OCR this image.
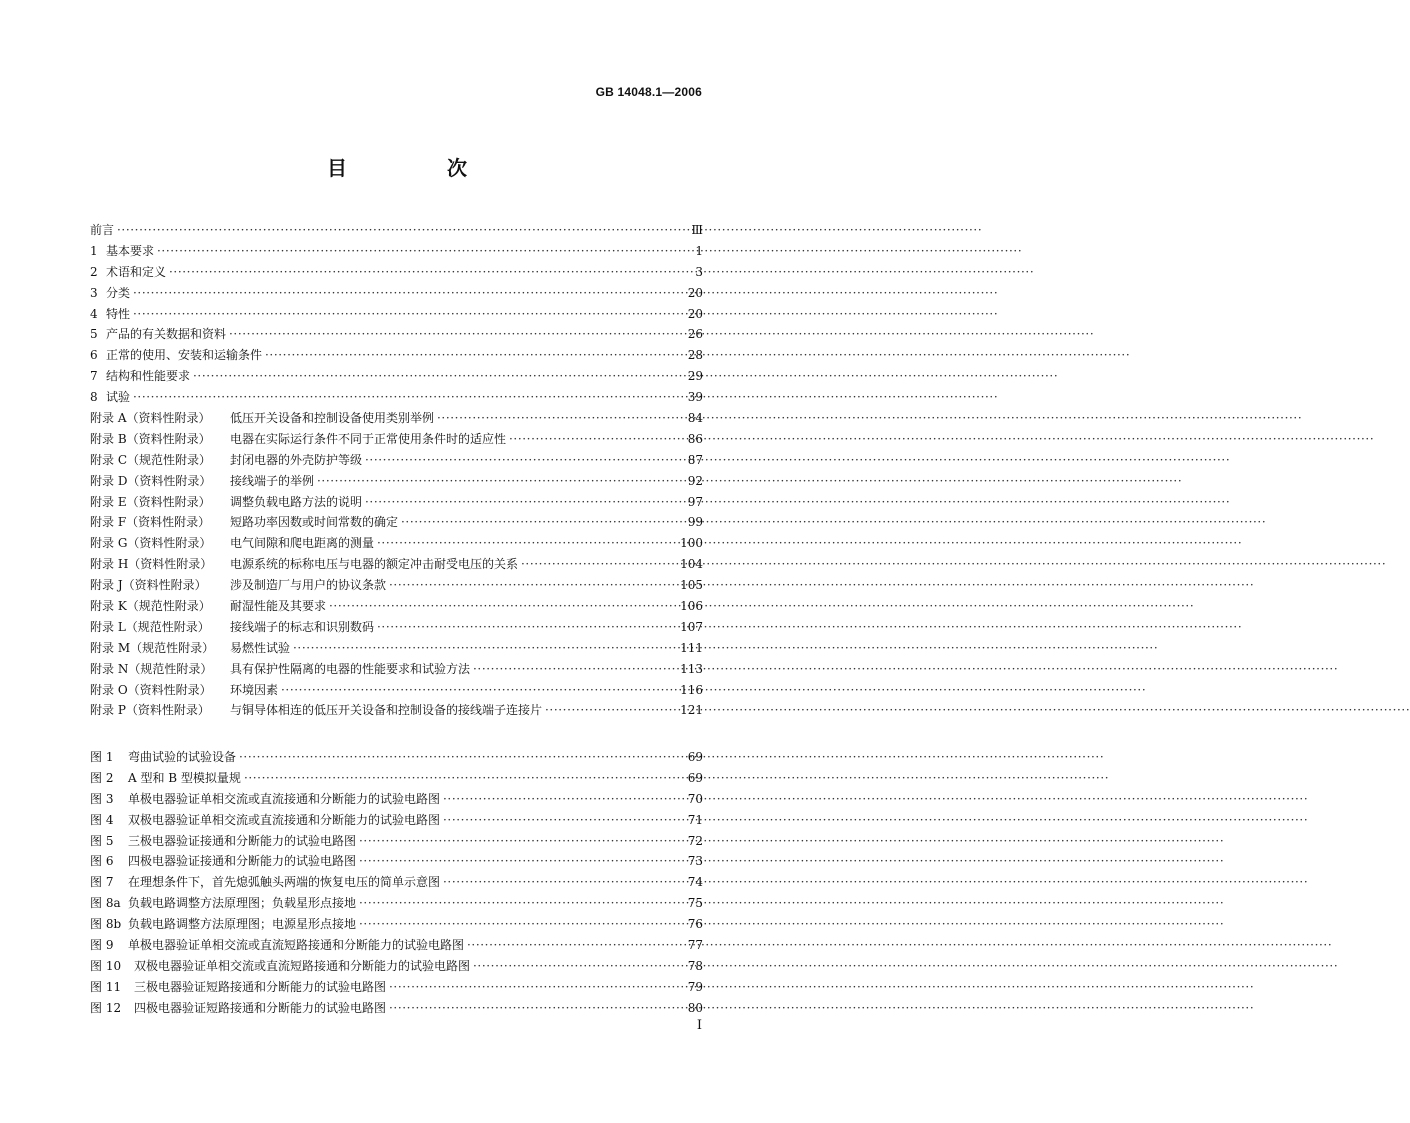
GB 14048.1—2006
目　次
前言 ·····	Ⅲ
1 基本要求 ·····	1
2 术语和定义 ·····	3
3 分类 ·····	20
4 特性 ·····	20
5 产品的有关数据和资料 ·····	26
6 正常的使用、安装和运输条件 ·····	28
7 结构和性能要求 ·····	29
8 试验 ·····	39
附录 A（资料性附录）	低压开关设备和控制设备使用类别举例 ·····	84
附录 B（资料性附录）	电器在实际运行条件不同于正常使用条件时的适应性 ·····	86
附录 C（规范性附录）	封闭电器的外壳防护等级 ·····	87
附录 D（资料性附录）	接线端子的举例 ·····	92
附录 E（资料性附录）	调整负载电路方法的说明 ·····	97
附录 F（资料性附录）	短路功率因数或时间常数的确定 ·····	99
附录 G（资料性附录）	电气间隙和爬电距离的测量 ·····	100
附录 H（资料性附录）	电源系统的标称电压与电器的额定冲击耐受电压的关系 ·····	104
附录 J（资料性附录）	涉及制造厂与用户的协议条款 ·····	105
附录 K（规范性附录）	耐湿性能及其要求 ·····	106
附录 L（规范性附录）	接线端子的标志和识别数码 ·····	107
附录 M（规范性附录）	易燃性试验 ·····	111
附录 N（规范性附录）	具有保护性隔离的电器的性能要求和试验方法 ·····	113
附录 O（资料性附录）	环境因素 ·····	116
附录 P（资料性附录）	与铜导体相连的低压开关设备和控制设备的接线端子连接片 ·····	121
图 1	弯曲试验的试验设备 ·····	69
图 2	A 型和 B 型模拟量规 ·····	69
图 3	单极电器验证单相交流或直流接通和分断能力的试验电路图 ·····	70
图 4	双极电器验证单相交流或直流接通和分断能力的试验电路图 ·····	71
图 5	三极电器验证接通和分断能力的试验电路图 ·····	72
图 6	四极电器验证接通和分断能力的试验电路图 ·····	73
图 7	在理想条件下，首先熄弧触头两端的恢复电压的简单示意图 ·····	74
图 8a 负载电路调整方法原理图；负载星形点接地 ·····	75
图 8b 负载电路调整方法原理图；电源星形点接地 ·····	76
图 9	单极电器验证单相交流或直流短路接通和分断能力的试验电路图 ·····	77
图 10	双极电器验证单相交流或直流短路接通和分断能力的试验电路图 ·····	78
图 11	三极电器验证短路接通和分断能力的试验电路图 ·····	79
图 12	四极电器验证短路接通和分断能力的试验电路图 ·····	80
I
